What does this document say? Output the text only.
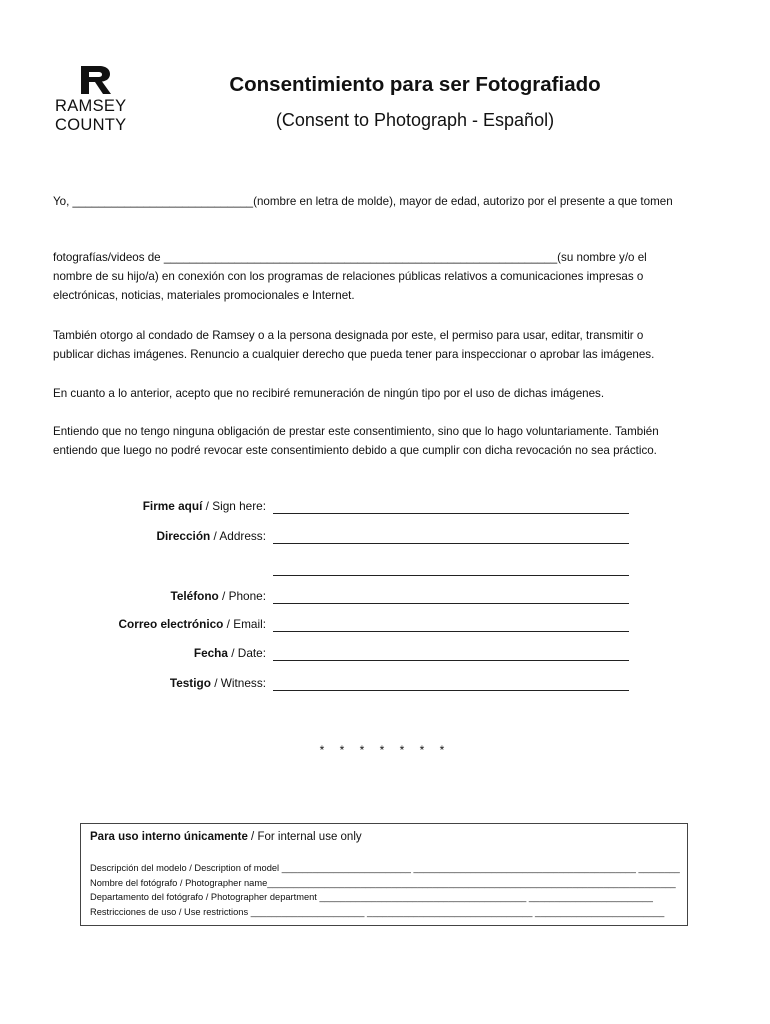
RAMSEY
COUNTY
Consentimiento para ser Fotografiado
(Consent to Photograph - Español)
Yo, ____________________________(nombre en letra de molde), mayor de edad, autorizo por el presente a que tomen
fotografías/videos de _____________________________________________________________(su nombre y/o el
nombre de su hijo/a) en conexión con los programas de relaciones públicas relativos a comunicaciones impresas o
electrónicas, noticias, materiales promocionales e Internet.
También otorgo al condado de Ramsey o a la persona designada por este, el permiso para usar, editar, transmitir o
publicar dichas imágenes. Renuncio a cualquier derecho que pueda tener para inspeccionar o aprobar las imágenes.
En cuanto a lo anterior, acepto que no recibiré remuneración de ningún tipo por el uso de dichas imágenes.
Entiendo que no tengo ninguna obligación de prestar este consentimiento, sino que lo hago voluntariamente. También
entiendo que luego no podré revocar este consentimiento debido a que cumplir con dicha revocación no sea práctico.
Firme aquí / Sign here:
Dirección / Address:
Teléfono / Phone:
Correo electrónico / Email:
Fecha / Date:
Testigo / Witness:
* * * * * * *
Para uso interno únicamente / For internal use only
Descripción del modelo / Description of model _________________________ ___________________________________________ ________
Nombre del fotógrafo / Photographer name_______________________________________________________________________________
Departamento del fotógrafo / Photographer department ________________________________________ ________________________
Restricciones de uso / Use restrictions ______________________ ________________________________ _________________________
